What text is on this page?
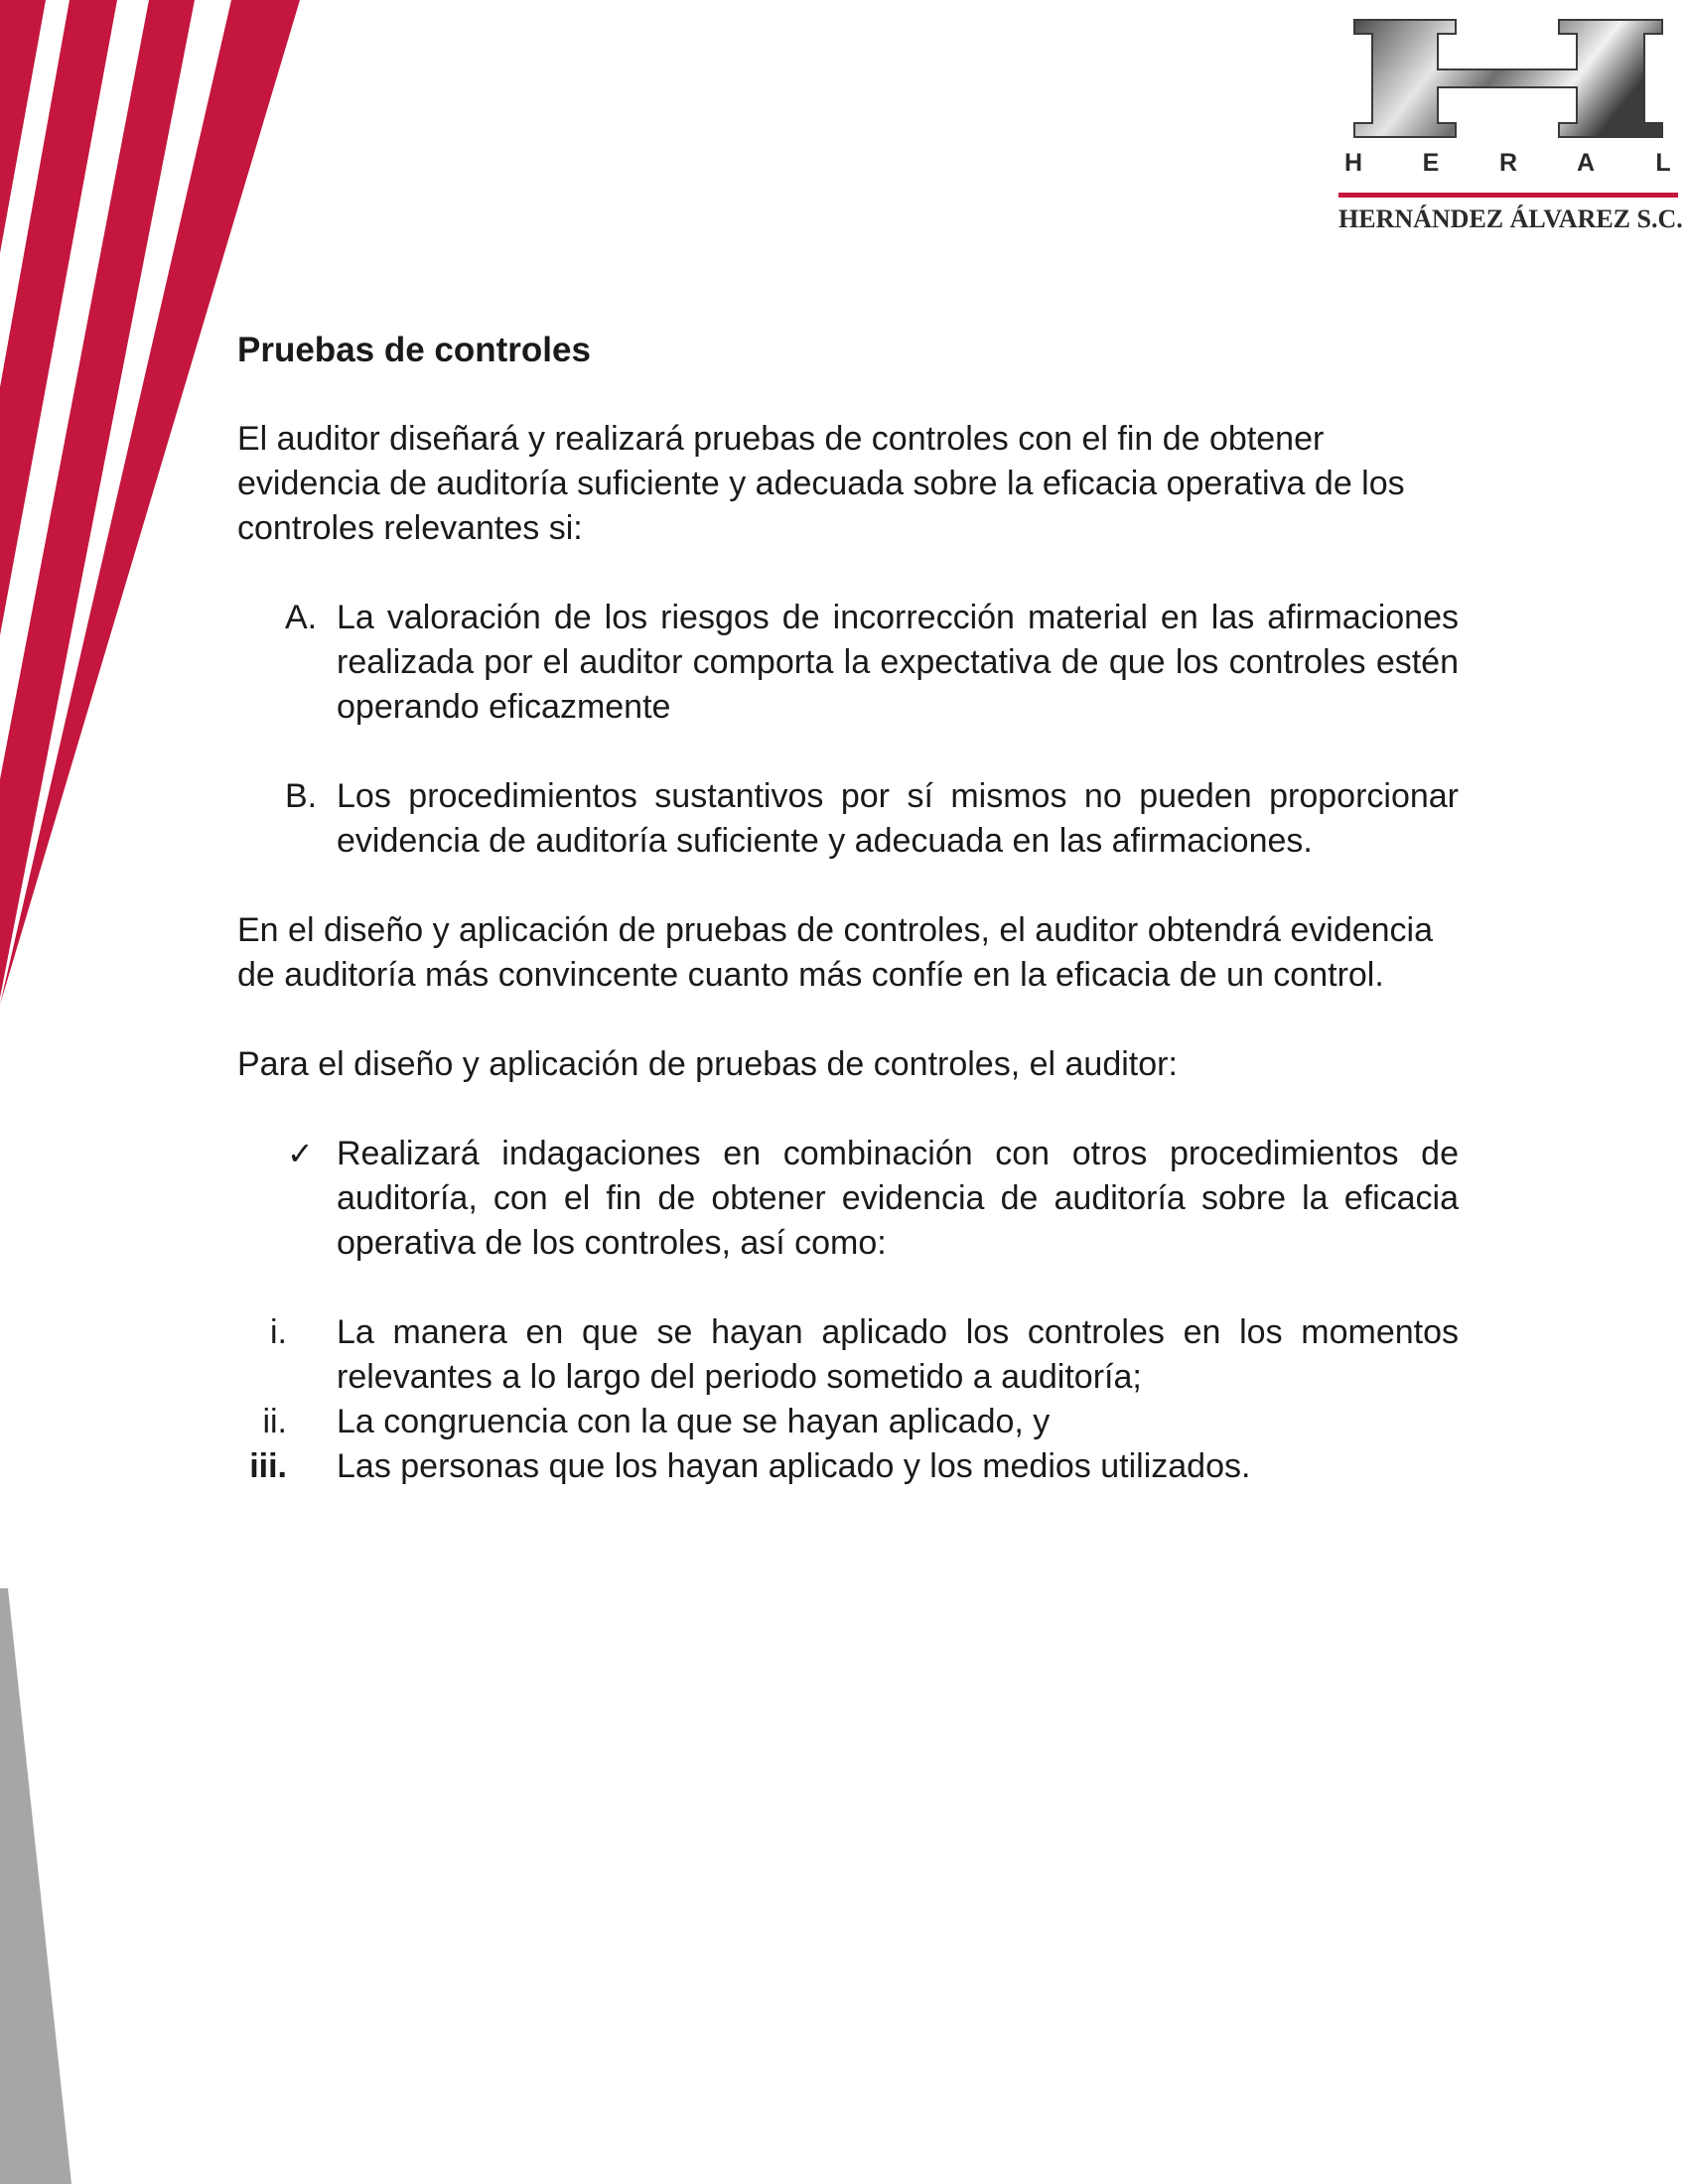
H E R A L
HERNÁNDEZ ÁLVAREZ S.C.
Pruebas de controles

El auditor diseñará y realizará pruebas de controles con el fin de obtener evidencia de auditoría suficiente y adecuada sobre la eficacia operativa de los controles relevantes si:

A. La valoración de los riesgos de incorrección material en las afirmaciones realizada por el auditor comporta la expectativa de que los controles estén operando eficazmente
B. Los procedimientos sustantivos por sí mismos no pueden proporcionar evidencia de auditoría suficiente y adecuada en las afirmaciones.

En el diseño y aplicación de pruebas de controles, el auditor obtendrá evidencia de auditoría más convincente cuanto más confíe en la eficacia de un control.

Para el diseño y aplicación de pruebas de controles, el auditor:

✓ Realizará indagaciones en combinación con otros procedimientos de auditoría, con el fin de obtener evidencia de auditoría sobre la eficacia operativa de los controles, así como:
i. La manera en que se hayan aplicado los controles en los momentos relevantes a lo largo del periodo sometido a auditoría;
ii. La congruencia con la que se hayan aplicado, y
iii. Las personas que los hayan aplicado y los medios utilizados.
